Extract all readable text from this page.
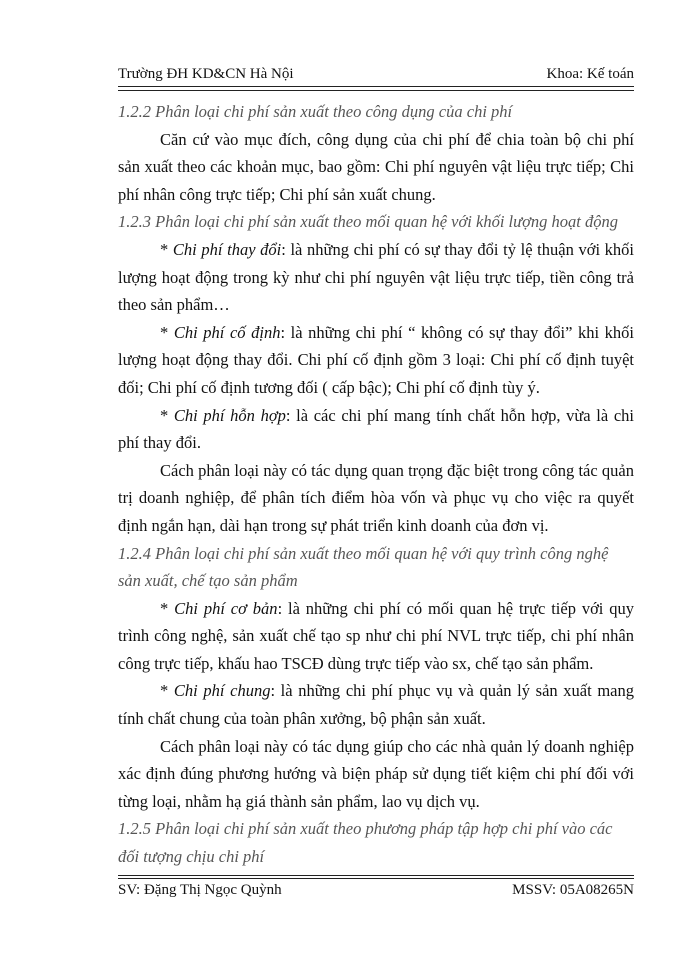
Trường ĐH KD&CN Hà Nội	Khoa: Kế toán

1.2.2 Phân loại chi phí sản xuất theo công dụng của chi phí

Căn cứ vào mục đích, công dụng của chi phí để chia toàn bộ chi phí sản xuất theo các khoản mục, bao gồm: Chi phí nguyên vật liệu trực tiếp; Chi phí nhân công trực tiếp; Chi phí sản xuất chung.

1.2.3 Phân loại chi phí sản xuất theo mối quan hệ với khối lượng hoạt động

* Chi phí thay đổi: là những chi phí có sự thay đổi tỷ lệ thuận với khối lượng hoạt động trong kỳ như chi phí nguyên vật liệu trực tiếp, tiền công trả theo sản phẩm…

* Chi phí cố định: là những chi phí “ không có sự thay đổi” khi khối lượng hoạt động thay đổi. Chi phí cố định gồm 3 loại: Chi phí cố định tuyệt đối; Chi phí cố định tương đối ( cấp bậc); Chi phí cố định tùy ý.

* Chi phí hỗn hợp: là các chi phí mang tính chất hỗn hợp, vừa là chi phí thay đổi.

Cách phân loại này có tác dụng quan trọng đặc biệt trong công tác quản trị doanh nghiệp, để phân tích điểm hòa vốn và phục vụ cho việc ra quyết định ngắn hạn, dài hạn trong sự phát triển kinh doanh của đơn vị.

1.2.4 Phân loại chi phí sản xuất theo mối quan hệ với quy trình công nghệ sản xuất, chế tạo sản phẩm

* Chi phí cơ bản: là những chi phí có mối quan hệ trực tiếp với quy trình công nghệ, sản xuất chế tạo sp như chi phí NVL trực tiếp, chi phí nhân công trực tiếp, khấu hao TSCĐ dùng trực tiếp vào sx, chế tạo sản phẩm.

* Chi phí chung: là những chi phí phục vụ và quản lý sản xuất mang tính chất chung của toàn phân xưởng, bộ phận sản xuất.

Cách phân loại này có tác dụng giúp cho các nhà quản lý doanh nghiệp xác định đúng phương hướng và biện pháp sử dụng tiết kiệm chi phí đối với từng loại, nhằm hạ giá thành sản phẩm, lao vụ dịch vụ.

1.2.5 Phân loại chi phí sản xuất theo phương pháp tập hợp chi phí vào các đối tượng chịu chi phí

SV: Đặng Thị Ngọc Quỳnh	MSSV: 05A08265N
